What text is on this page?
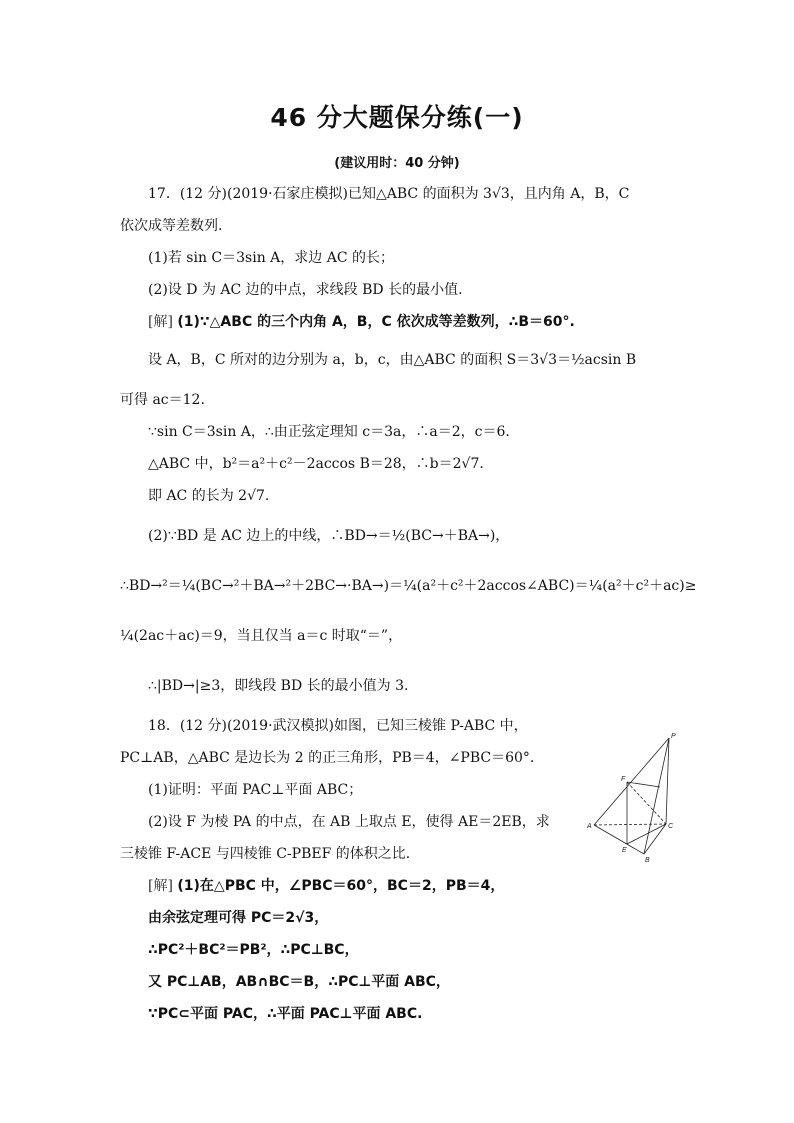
46 分大题保分练(一)
(建议用时：40 分钟)
17．(12 分)(2019·石家庄模拟)已知△ABC 的面积为 3√3，且内角 A，B，C
依次成等差数列.
(1)若 sin C＝3sin A，求边 AC 的长；
(2)设 D 为 AC 边的中点，求线段 BD 长的最小值.
[解] (1)∵△ABC 的三个内角 A，B，C 依次成等差数列，∴B＝60°.
设 A，B，C 所对的边分别为 a，b，c，由△ABC 的面积 S＝3√3＝½acsin B
可得 ac＝12.
∵sin C＝3sin A，∴由正弦定理知 c＝3a，∴a＝2，c＝6.
△ABC 中，b²＝a²＋c²－2accos B＝28，∴b＝2√7.
即 AC 的长为 2√7.
(2)∵BD 是 AC 边上的中线，∴BD→＝½(BC→＋BA→)，
∴BD→²＝¼(BC→²＋BA→²＋2BC→·BA→)＝¼(a²＋c²＋2accos∠ABC)＝¼(a²＋c²＋ac)≥
¼(2ac＋ac)＝9，当且仅当 a＝c 时取“＝”，
∴|BD→|≥3，即线段 BD 长的最小值为 3.
18．(12 分)(2019·武汉模拟)如图，已知三棱锥 P-ABC 中，
PC⊥AB，△ABC 是边长为 2 的正三角形，PB＝4，∠PBC＝60°.
(1)证明：平面 PAC⊥平面 ABC；
(2)设 F 为棱 PA 的中点，在 AB 上取点 E，使得 AE＝2EB，求
三棱锥 F-ACE 与四棱锥 C-PBEF 的体积之比.
[解] (1)在△PBC 中，∠PBC＝60°，BC＝2，PB＝4，
由余弦定理可得 PC＝2√3，
∴PC²＋BC²＝PB²，∴PC⊥BC，
又 PC⊥AB，AB∩BC＝B，∴PC⊥平面 ABC，
∵PC⊂平面 PAC，∴平面 PAC⊥平面 ABC.
P
F
A	C
E
B
